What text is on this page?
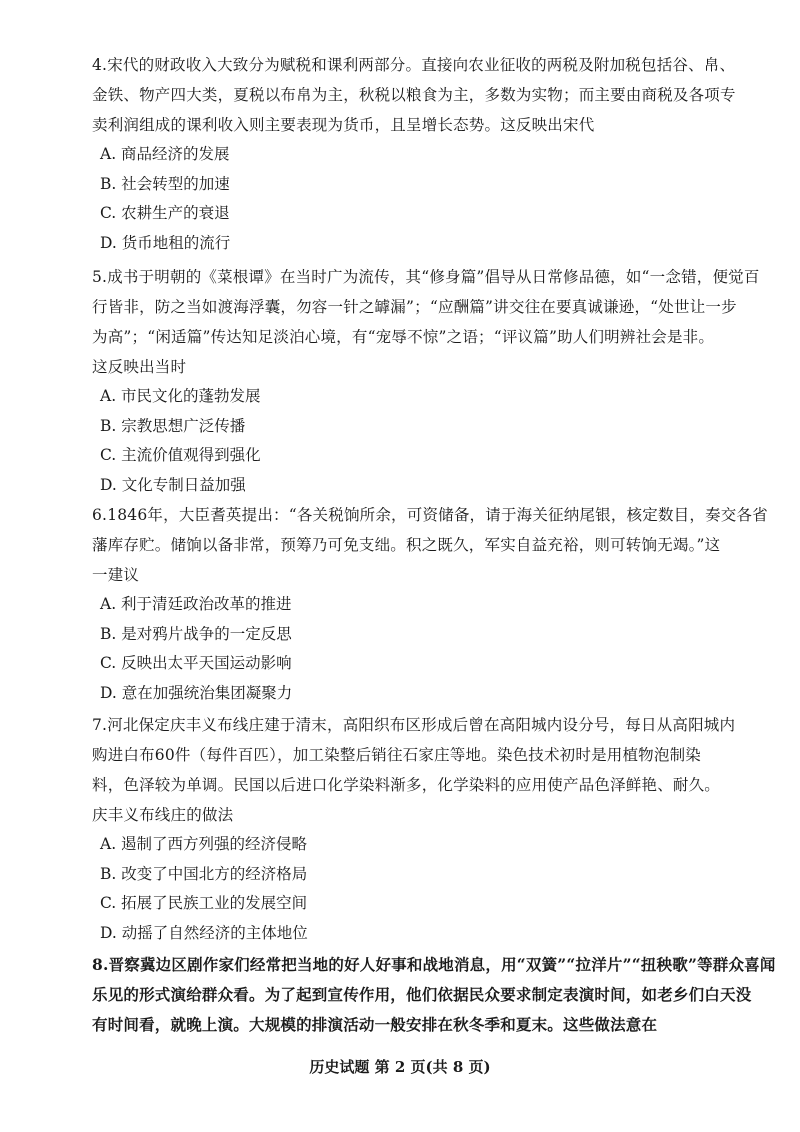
4.宋代的财政收入大致分为赋税和课利两部分。直接向农业征收的两税及附加税包括谷、帛、

金铁、物产四大类，夏税以布帛为主，秋税以粮食为主，多数为实物；而主要由商税及各项专

卖利润组成的课利收入则主要表现为货币，且呈增长态势。这反映出宋代

A. 商品经济的发展

B. 社会转型的加速

C. 农耕生产的衰退

D. 货币地租的流行

5.成书于明朝的《菜根谭》在当时广为流传，其“修身篇”倡导从日常修品德，如“一念错，便觉百

行皆非，防之当如渡海浮囊，勿容一针之罅漏”；“应酬篇”讲交往在要真诚谦逊，“处世让一步

为高”；“闲适篇”传达知足淡泊心境，有“宠辱不惊”之语；“评议篇”助人们明辨社会是非。

这反映出当时

A. 市民文化的蓬勃发展

B. 宗教思想广泛传播

C. 主流价值观得到强化

D. 文化专制日益加强

6.1846年，大臣耆英提出：“各关税饷所余，可资储备，请于海关征纳尾银，核定数目，奏交各省

藩库存贮。储饷以备非常，预筹乃可免支绌。积之既久，军实自益充裕，则可转饷无竭。”这

一建议

A. 利于清廷政治改革的推进

B. 是对鸦片战争的一定反思

C. 反映出太平天国运动影响

D. 意在加强统治集团凝聚力

7.河北保定庆丰义布线庄建于清末，高阳织布区形成后曾在高阳城内设分号，每日从高阳城内

购进白布60件（每件百匹），加工染整后销往石家庄等地。染色技术初时是用植物泡制染

料，色泽较为单调。民国以后进口化学染料渐多，化学染料的应用使产品色泽鲜艳、耐久。

庆丰义布线庄的做法

A. 遏制了西方列强的经济侵略

B. 改变了中国北方的经济格局

C. 拓展了民族工业的发展空间

D. 动摇了自然经济的主体地位

8.晋察冀边区剧作家们经常把当地的好人好事和战地消息，用“双簧”“拉洋片”“扭秧歌”等群众喜闻

乐见的形式演给群众看。为了起到宣传作用，他们依据民众要求制定表演时间，如老乡们白天没

有时间看，就晚上演。大规模的排演活动一般安排在秋冬季和夏末。这些做法意在

历史试题 第 2 页(共 8 页)
